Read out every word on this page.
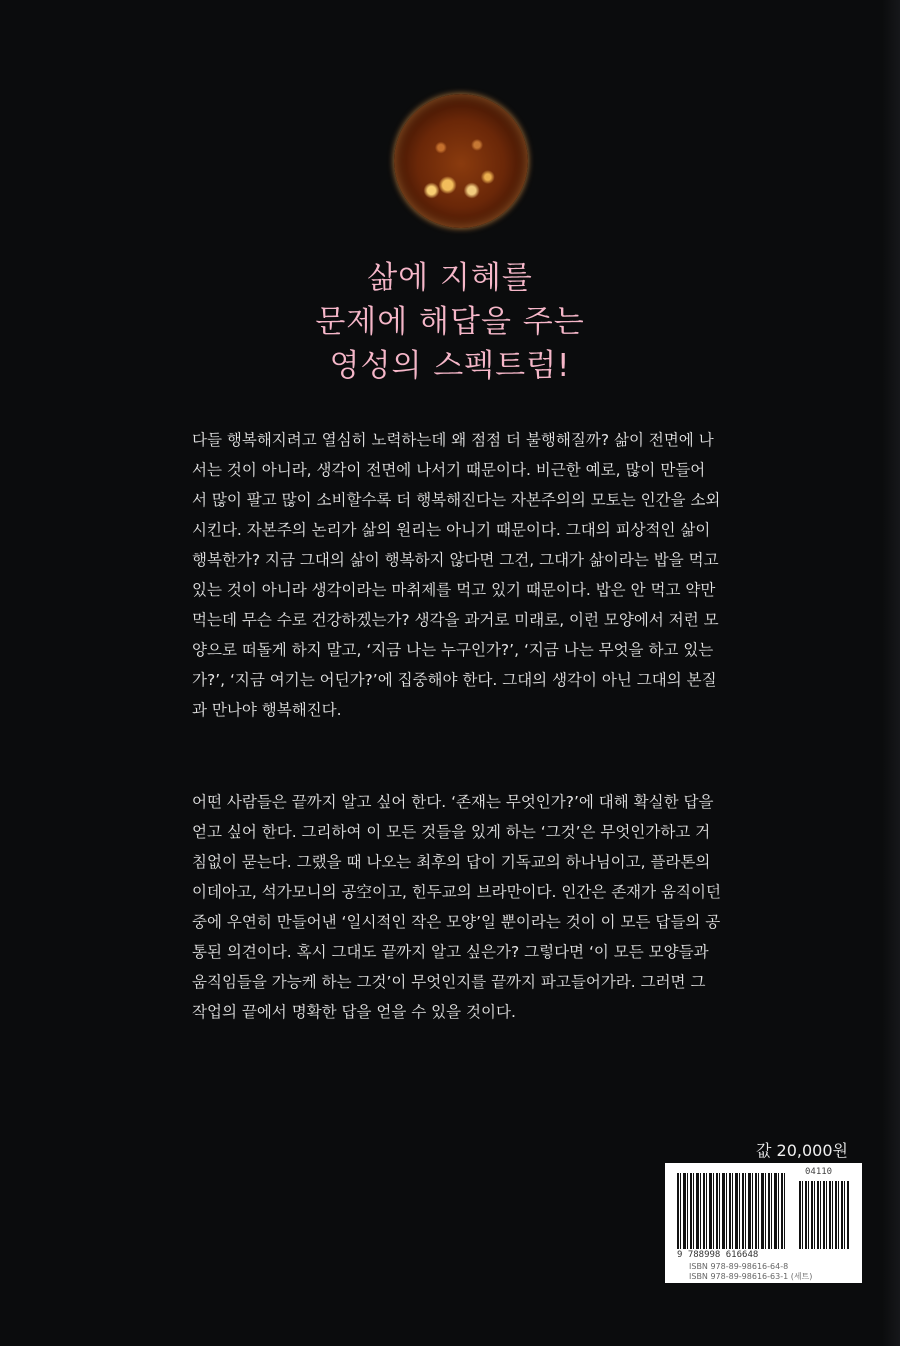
삶에 지혜를
문제에 해답을 주는
영성의 스펙트럼!
다들 행복해지려고 열심히 노력하는데 왜 점점 더 불행해질까? 삶이 전면에 나
서는 것이 아니라, 생각이 전면에 나서기 때문이다. 비근한 예로, 많이 만들어
서 많이 팔고 많이 소비할수록 더 행복해진다는 자본주의의 모토는 인간을 소외
시킨다. 자본주의 논리가 삶의 원리는 아니기 때문이다. 그대의 피상적인 삶이
행복한가? 지금 그대의 삶이 행복하지 않다면 그건, 그대가 삶이라는 밥을 먹고
있는 것이 아니라 생각이라는 마취제를 먹고 있기 때문이다. 밥은 안 먹고 약만
먹는데 무슨 수로 건강하겠는가? 생각을 과거로 미래로, 이런 모양에서 저런 모
양으로 떠돌게 하지 말고, ‘지금 나는 누구인가?’, ‘지금 나는 무엇을 하고 있는
가?’, ‘지금 여기는 어딘가?’에 집중해야 한다. 그대의 생각이 아닌 그대의 본질
과 만나야 행복해진다.
어떤 사람들은 끝까지 알고 싶어 한다. ‘존재는 무엇인가?’에 대해 확실한 답을
얻고 싶어 한다. 그리하여 이 모든 것들을 있게 하는 ‘그것’은 무엇인가하고 거
침없이 묻는다. 그랬을 때 나오는 최후의 답이 기독교의 하나님이고, 플라톤의
이데아고, 석가모니의 공空이고, 힌두교의 브라만이다. 인간은 존재가 움직이던
중에 우연히 만들어낸 ‘일시적인 작은 모양’일 뿐이라는 것이 이 모든 답들의 공
통된 의견이다. 혹시 그대도 끝까지 알고 싶은가? 그렇다면 ‘이 모든 모양들과
움직임들을 가능케 하는 그것’이 무엇인지를 끝까지 파고들어가라. 그러면 그
작업의 끝에서 명확한 답을 얻을 수 있을 것이다.
값 20,000원
04110
9 788998 616648
ISBN 978-89-98616-64-8
ISBN 978-89-98616-63-1 (세트)
